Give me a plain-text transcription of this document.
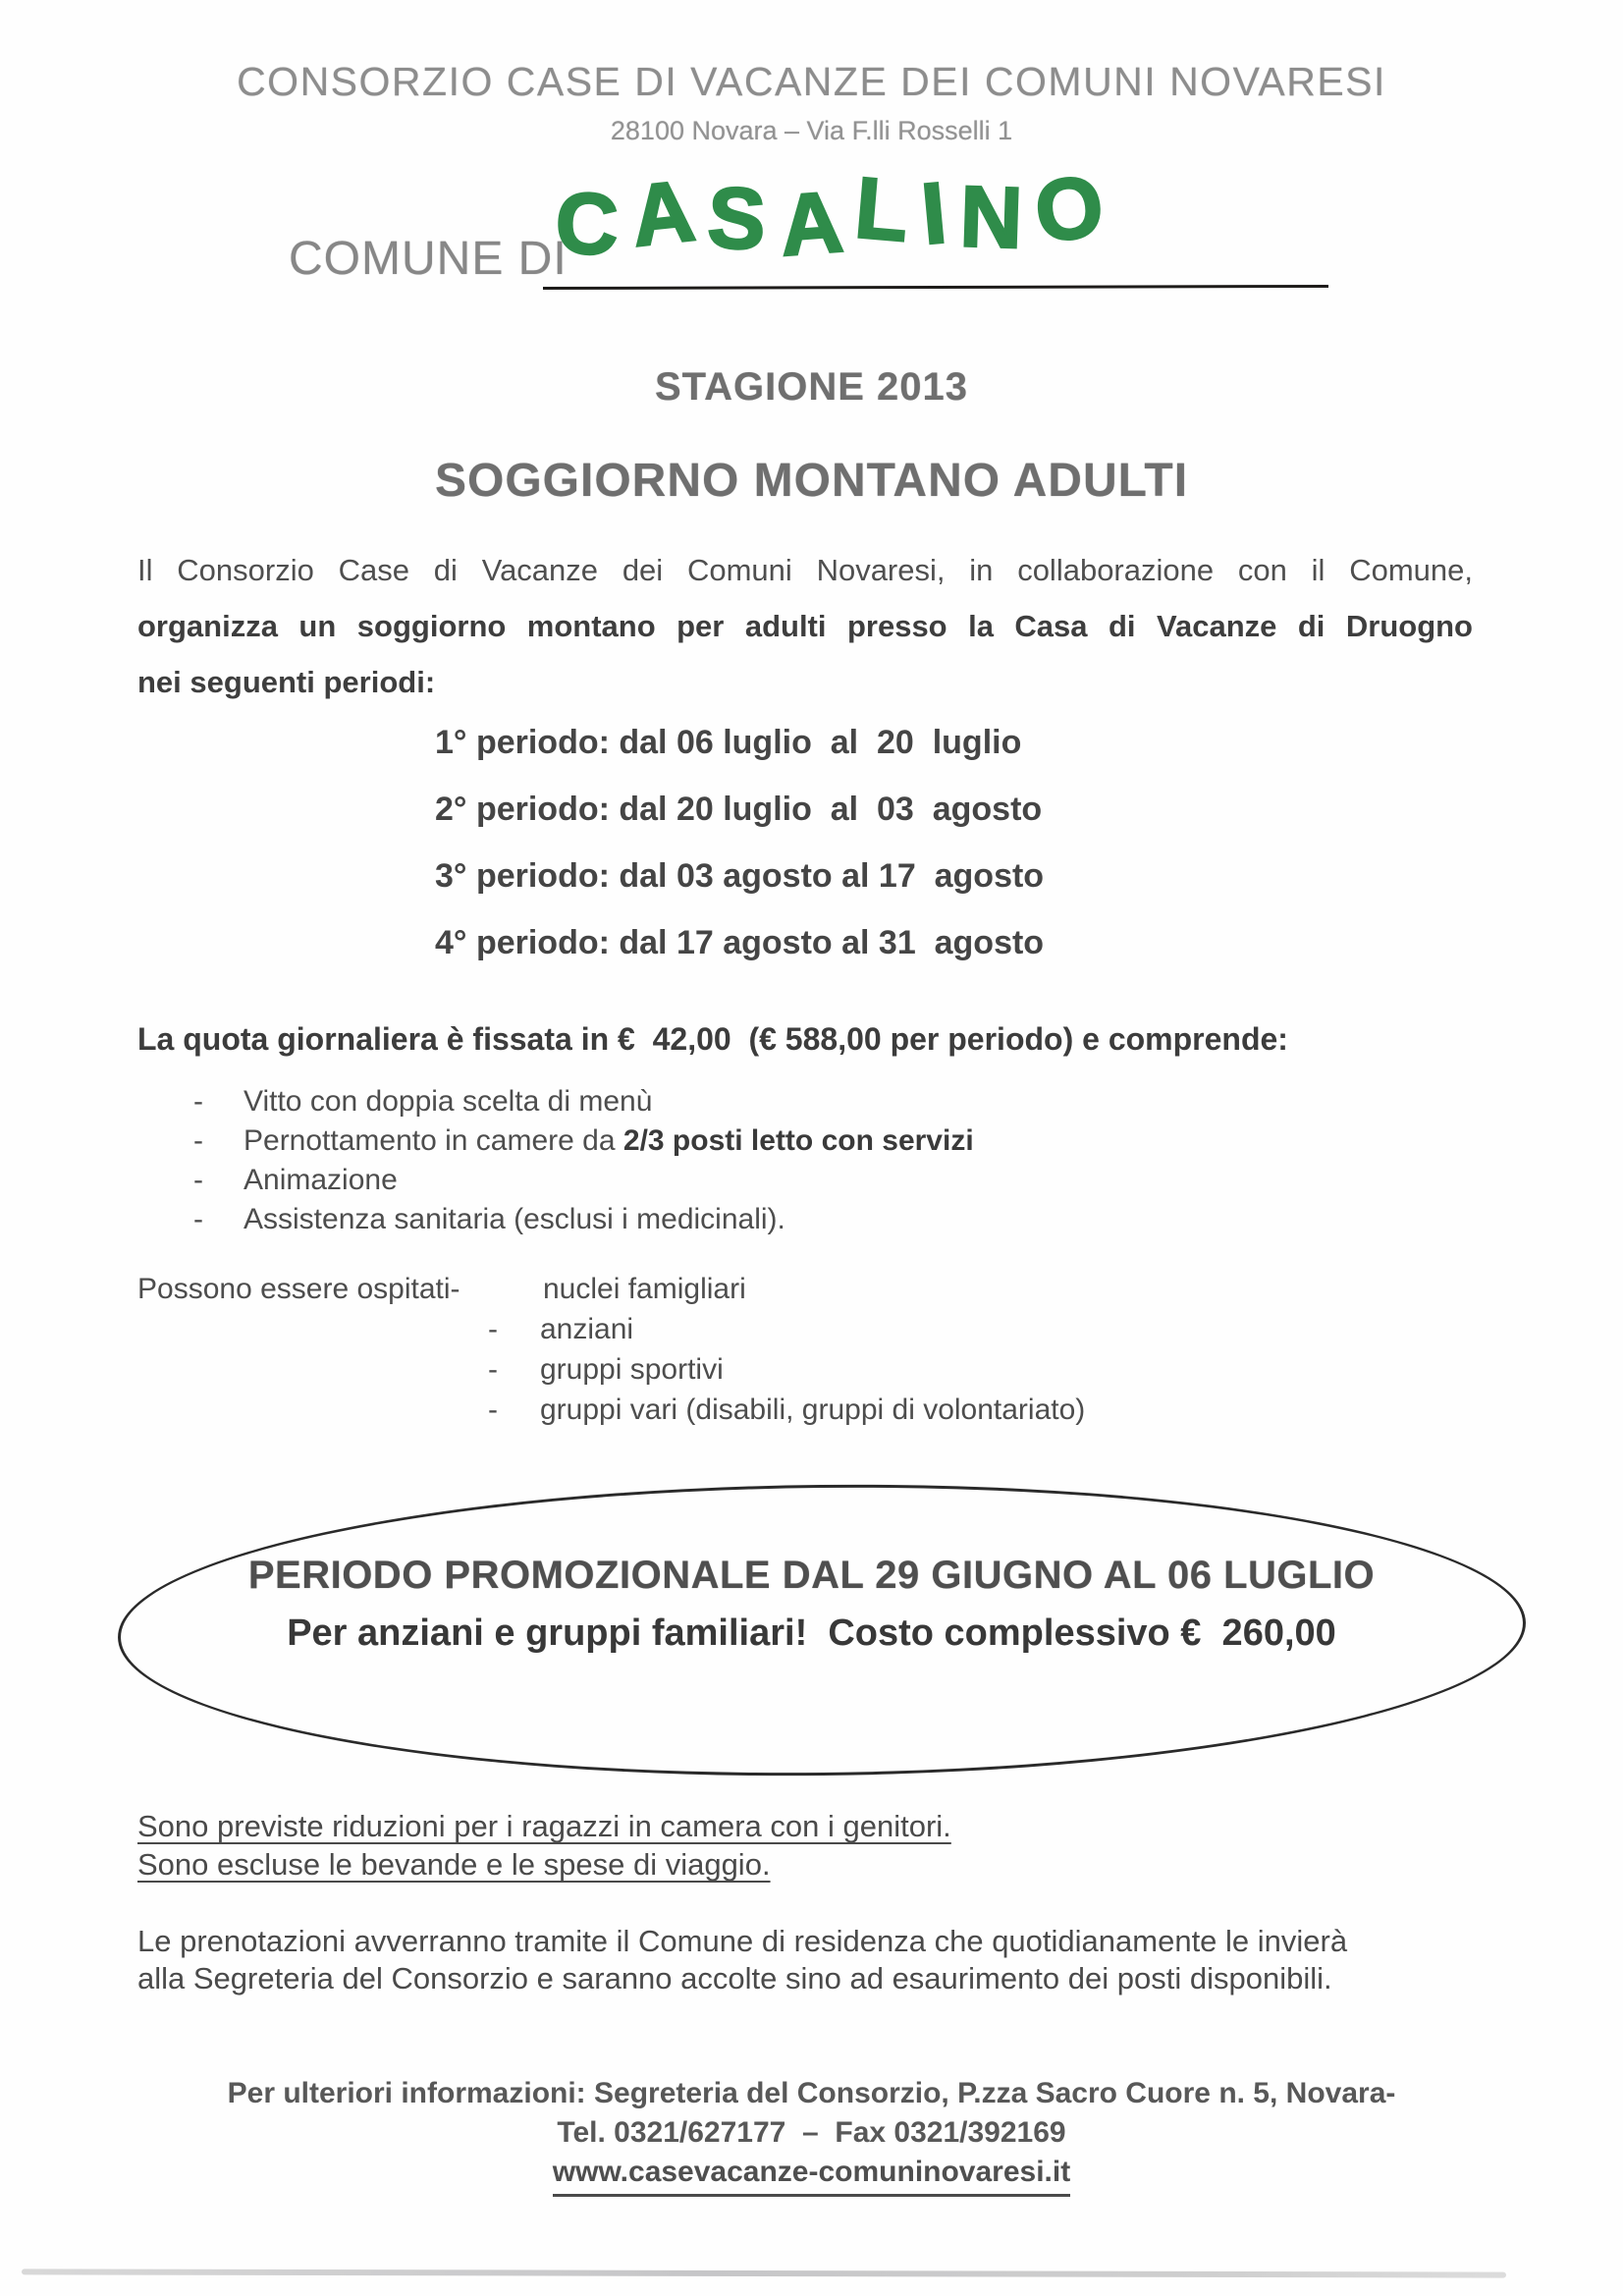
CONSORZIO CASE DI VACANZE DEI COMUNI NOVARESI
28100 Novara – Via F.lli Rosselli 1
COMUNE DI
CASALINO
STAGIONE 2013
SOGGIORNO MONTANO ADULTI
Il Consorzio Case di Vacanze dei Comuni Novaresi, in collaborazione con il Comune,
organizza un soggiorno montano per adulti presso la Casa di Vacanze di Druogno
nei seguenti periodi:
1° periodo: dal 06 luglio  al  20  luglio
2° periodo: dal 20 luglio  al  03  agosto
3° periodo: dal 03 agosto al 17  agosto
4° periodo: dal 17 agosto al 31  agosto
La quota giornaliera è fissata in €  42,00  (€ 588,00 per periodo) e comprende:
-	Vitto con doppia scelta di menù
-	Pernottamento in camere da 2/3 posti letto con servizi
-	Animazione
-	Assistenza sanitaria (esclusi i medicinali).
Possono essere ospitati-	nuclei famigliari
- anziani
- gruppi sportivi
- gruppi vari (disabili, gruppi di volontariato)
PERIODO PROMOZIONALE DAL 29 GIUGNO AL 06 LUGLIO
Per anziani e gruppi familiari!  Costo complessivo €  260,00
Sono previste riduzioni per i ragazzi in camera con i genitori.
Sono escluse le bevande e le spese di viaggio.
Le prenotazioni avverranno tramite il Comune di residenza che quotidianamente le invierà
alla Segreteria del Consorzio e saranno accolte sino ad esaurimento dei posti disponibili.
Per ulteriori informazioni: Segreteria del Consorzio, P.zza Sacro Cuore n. 5, Novara-
Tel. 0321/627177  –  Fax 0321/392169
www.casevacanze-comuninovaresi.it
